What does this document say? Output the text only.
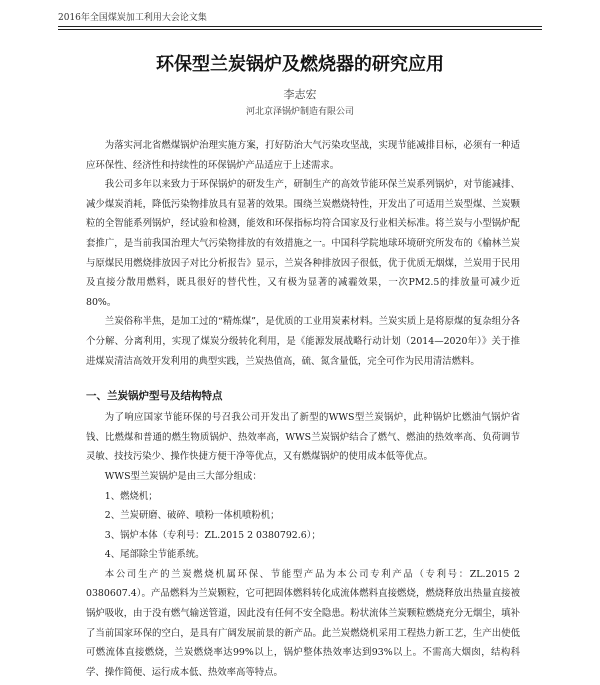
2016年全国煤炭加工利用大会论文集
环保型兰炭锅炉及燃烧器的研究应用
李志宏
河北京泽锅炉制造有限公司

为落实河北省燃煤锅炉治理实施方案，打好防治大气污染攻坚战，实现节能减排目标，必须有一种适应环保性、经济性和持续性的环保锅炉产品适应于上述需求。

我公司多年以来致力于环保锅炉的研发生产，研制生产的高效节能环保兰炭系列锅炉，对节能减排、减少煤炭消耗，降低污染物排放具有显著的效果。围绕兰炭燃烧特性，开发出了可适用兰炭型煤、兰炭颗粒的全智能系列锅炉，经试验和检测，能效和环保指标均符合国家及行业相关标准。将兰炭与小型锅炉配套推广，是当前我国治理大气污染物排放的有效措施之一。中国科学院地球环境研究所发布的《榆林兰炭与原煤民用燃烧排放因子对比分析报告》显示，兰炭各种排放因子很低，优于优质无烟煤，兰炭用于民用及直接分散用燃料，既具很好的替代性，又有极为显著的减霾效果，一次PM2.5的排放量可减少近80%。

兰炭俗称半焦，是加工过的“精炼煤”，是优质的工业用炭素材料。兰炭实质上是将原煤的复杂组分各个分解、分离利用，实现了煤炭分级转化利用，是《能源发展战略行动计划（2014—2020年）》关于推进煤炭清洁高效开发利用的典型实践，兰炭热值高，硫、氮含量低，完全可作为民用清洁燃料。

一、兰炭锅炉型号及结构特点

为了响应国家节能环保的号召我公司开发出了新型的WWS型兰炭锅炉，此种锅炉比燃油气锅炉省钱、比燃煤和普通的燃生物质锅炉、热效率高，WWS兰炭锅炉结合了燃气、燃油的热效率高、负荷调节灵敏、技技污染少、操作快捷方便干净等优点，又有燃煤锅炉的使用成本低等优点。

WWS型兰炭锅炉是由三大部分组成：

1、燃烧机；

2、兰炭研磨、破碎、喷粉一体机喷粉机；

3、锅炉本体（专利号：ZL.2015 2 0380792.6）；

4、尾部除尘节能系统。

本公司生产的兰炭燃烧机属环保、节能型产品为本公司专利产品（专利号：ZL.2015 2 0380607.4）。产品燃料为兰炭颗粒，它可把固体燃料转化成流体燃料直接燃烧，燃烧释放出热量直接被锅炉吸收，由于没有燃气输送管道，因此没有任何不安全隐患。粉状流体兰炭颗粒燃烧充分无烟尘，填补了当前国家环保的空白，是具有广阔发展前景的新产品。此兰炭燃烧机采用工程热力新工艺，生产出使低可燃流体直接燃烧，兰炭燃烧率达99%以上，锅炉整体热效率达到93%以上。不需高大烟囱，结构科学、操作简便、运行成本低、热效率高等特点。
